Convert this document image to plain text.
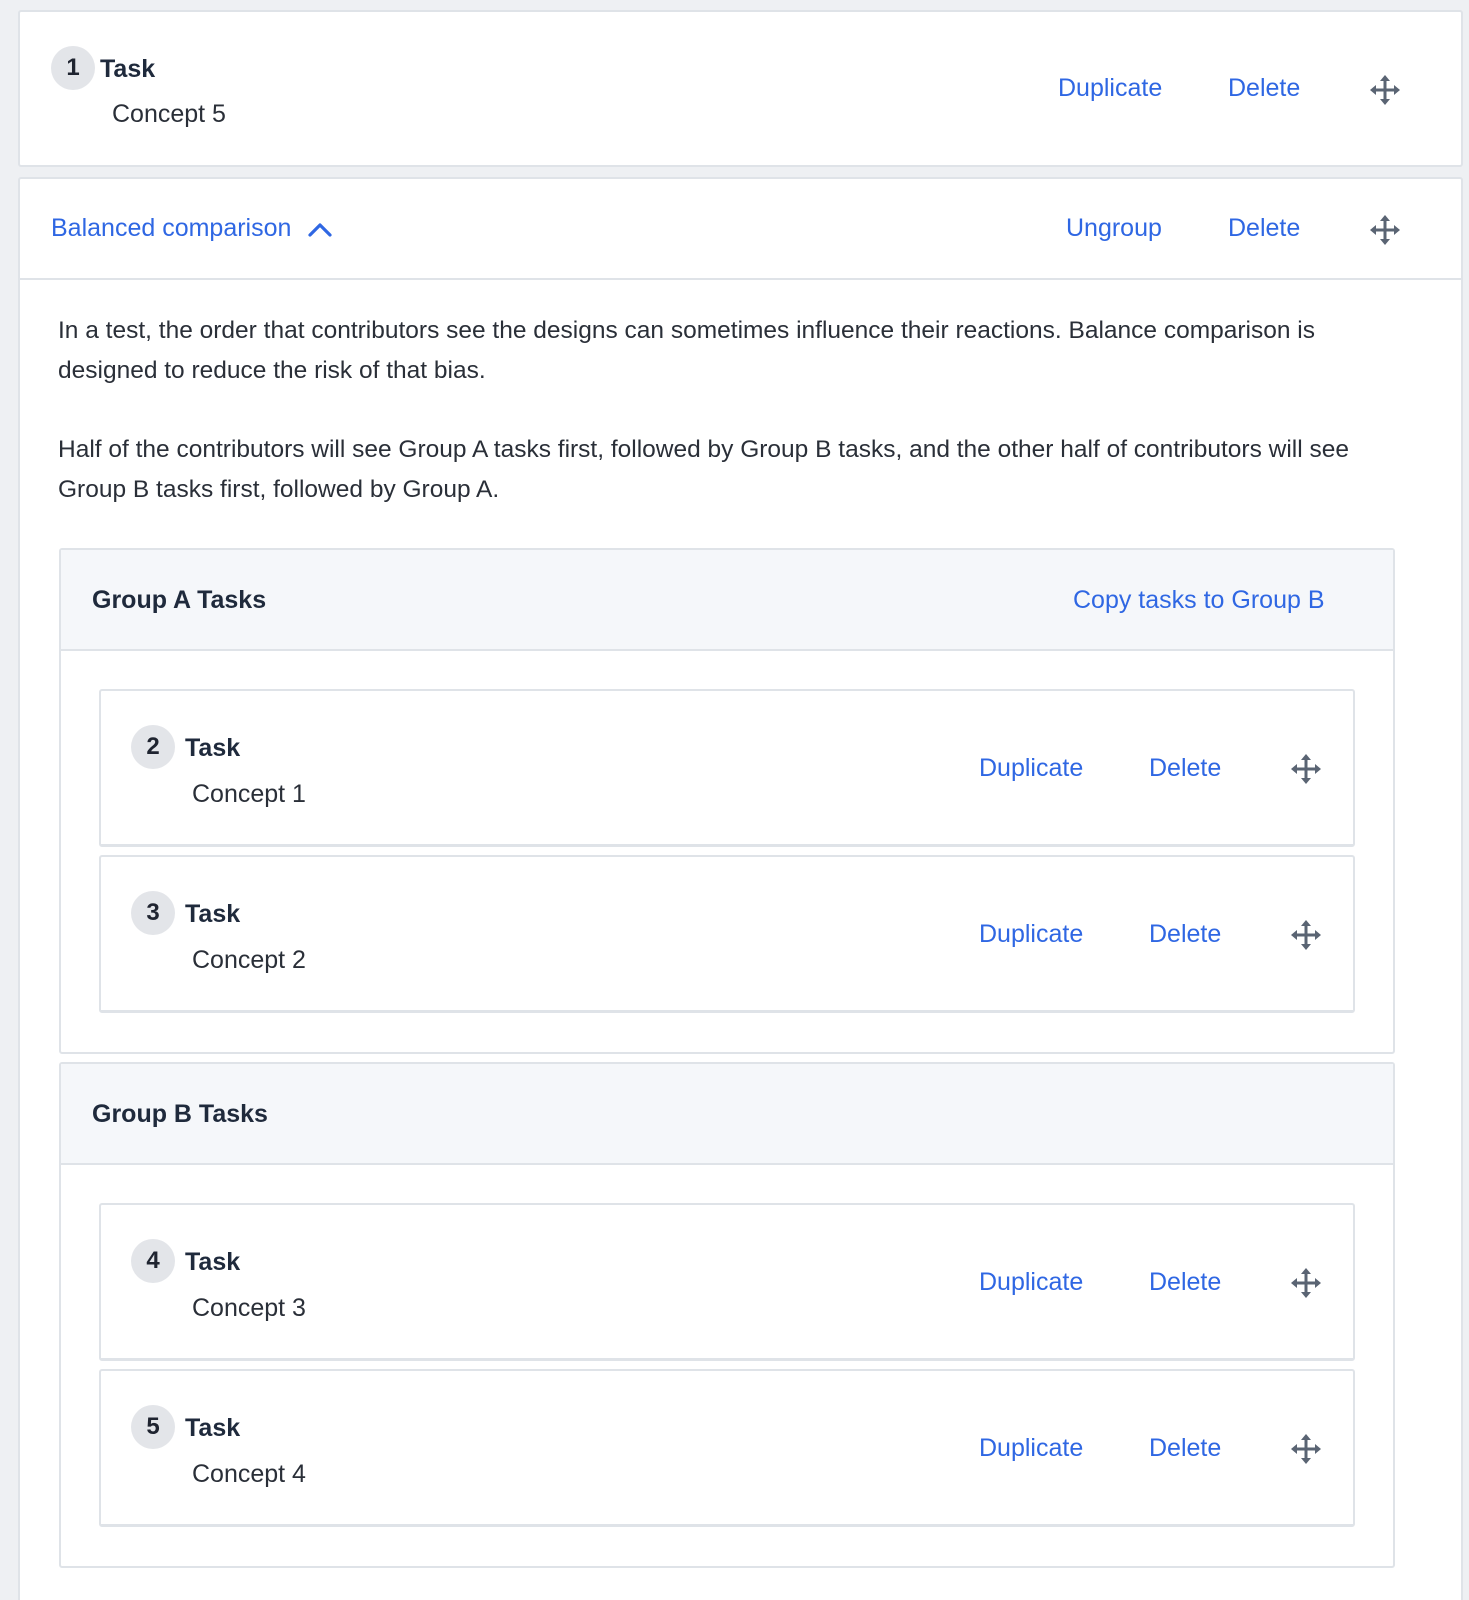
1 Task
Concept 5
Duplicate	Delete
Balanced comparison	Ungroup	Delete

In a test, the order that contributors see the designs can sometimes influence their reactions. Balance comparison is designed to reduce the risk of that bias.

Half of the contributors will see Group A tasks first, followed by Group B tasks, and the other half of contributors will see Group B tasks first, followed by Group A.

Group A Tasks	Copy tasks to Group B
2	Task
Concept 1
Duplicate	Delete
3	Task
Concept 2
Duplicate	Delete
Group B Tasks
4	Task
Concept 3
Duplicate	Delete
5	Task
Concept 4
Duplicate	Delete
